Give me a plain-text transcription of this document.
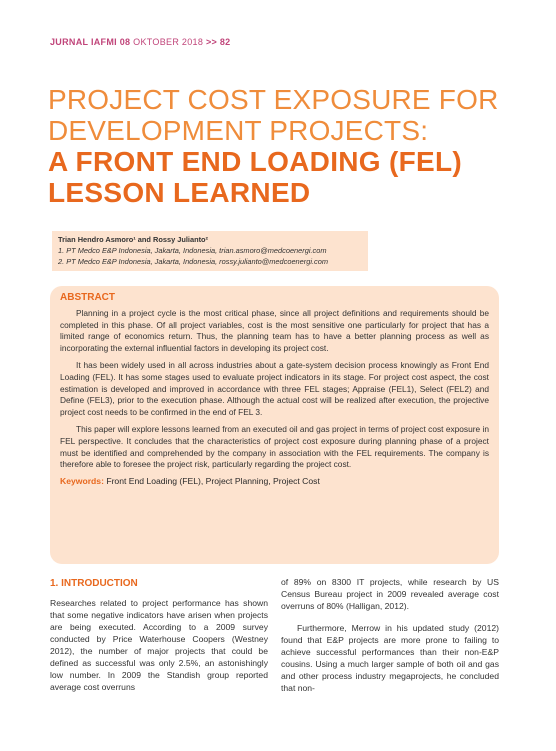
JURNAL IAFMI 08 OKTOBER 2018 >> 82
PROJECT COST EXPOSURE FOR
DEVELOPMENT PROJECTS:
A FRONT END LOADING (FEL)
LESSON LEARNED
Trian Hendro Asmoro¹ and Rossy Julianto²
1. PT Medco E&P Indonesia, Jakarta, Indonesia, trian.asmoro@medcoenergi.com
2. PT Medco E&P Indonesia, Jakarta, Indonesia, rossy.julianto@medcoenergi.com
ABSTRACT

Planning in a project cycle is the most critical phase, since all project definitions and requirements should be completed in this phase. Of all project variables, cost is the most sensitive one particularly for project that has a limited range of economics return. Thus, the planning team has to have a better planning process as well as incorporating the external influential factors in developing its project cost.

It has been widely used in all across industries about a gate-system decision process knowingly as Front End Loading (FEL). It has some stages used to evaluate project indicators in its stage. For project cost aspect, the cost estimation is developed and improved in accordance with three FEL stages; Appraise (FEL1), Select (FEL2) and Define (FEL3), prior to the execution phase. Although the actual cost will be realized after execution, the projective project cost needs to be confirmed in the end of FEL 3.

This paper will explore lessons learned from an executed oil and gas project in terms of project cost exposure in FEL perspective. It concludes that the characteristics of project cost exposure during planning phase of a project must be identified and comprehended by the company in association with the FEL requirements. The company is therefore able to foresee the project risk, particularly regarding the project cost.

Keywords: Front End Loading (FEL), Project Planning, Project Cost
1. INTRODUCTION

Researches related to project performance has shown that some negative indicators have arisen when projects are being executed. According to a 2009 survey conducted by Price Waterhouse Coopers (Westney 2012), the number of major projects that could be defined as successful was only 2.5%, an astonishingly low number. In 2009 the Standish group reported average cost overruns

of 89% on 8300 IT projects, while research by US Census Bureau project in 2009 revealed average cost overruns of 80% (Halligan, 2012).

Furthermore, Merrow in his updated study (2012) found that E&P projects are more prone to failing to achieve successful performances than their non-E&P cousins. Using a much larger sample of both oil and gas and other process industry megaprojects, he concluded that non-
